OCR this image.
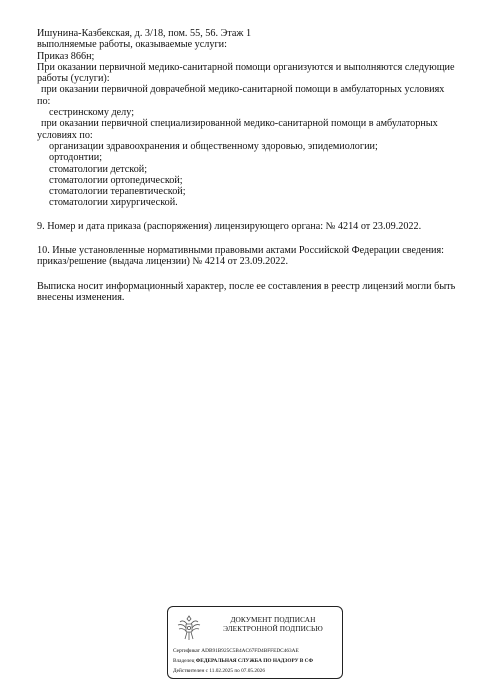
Ишунина-Казбекская, д. 3/18, пом. 55, 56. Этаж 1
выполняемые работы, оказываемые услуги:
Приказ 866н;
При оказании первичной медико-санитарной помощи организуются и выполняются следующие
работы (услуги):
при оказании первичной доврачебной медико-санитарной помощи в амбулаторных условиях
по:
сестринскому делу;
при оказании первичной специализированной медико-санитарной помощи в амбулаторных
условиях по:
организации здравоохранения и общественному здоровью, эпидемиологии;
ортодонтии;
стоматологии детской;
стоматологии ортопедической;
стоматологии терапевтической;
стоматологии хирургической.
9. Номер и дата приказа (распоряжения) лицензирующего органа: № 4214 от 23.09.2022.
10. Иные установленные нормативными правовыми актами Российской Федерации сведения:
приказ/решение (выдача лицензии) № 4214 от 23.09.2022.
Выписка носит информационный характер, после ее составления в реестр лицензий могли быть
внесены изменения.
ДОКУМЕНТ ПОДПИСАН
ЭЛЕКТРОННОЙ ПОДПИСЬЮ
Сертификат ADB91B925C5B4AC67FD4BFFEDC463AE
Владелец ФЕДЕРАЛЬНАЯ СЛУЖБА ПО НАДЗОРУ В СФ
Действителен с 11.02.2025 по 07.05.2026
